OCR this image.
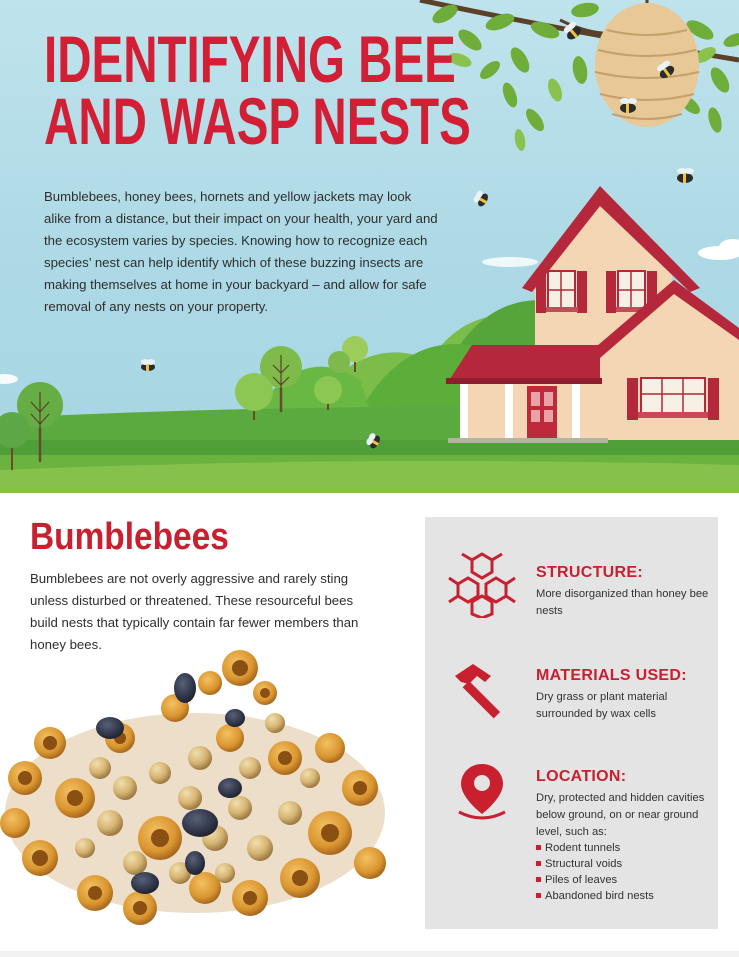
IDENTIFYING BEE
AND WASP NESTS

Bumblebees, honey bees, hornets and yellow jackets may look alike from a distance, but their impact on your health, your yard and the ecosystem varies by species. Knowing how to recognize each species’ nest can help identify which of these buzzing insects are making themselves at home in your backyard – and allow for safe removal of any nests on your property.

Bumblebees

Bumblebees are not overly aggressive and rarely sting unless disturbed or threatened. These resourceful bees build nests that typically contain far fewer members than honey bees.

STRUCTURE:
More disorganized than honey bee nests
MATERIALS USED:
Dry grass or plant material surrounded by wax cells
LOCATION:
Dry, protected and hidden cavities below ground, on or near ground level, such as:
Rodent tunnels
Structural voids
Piles of leaves
Abandoned bird nests
